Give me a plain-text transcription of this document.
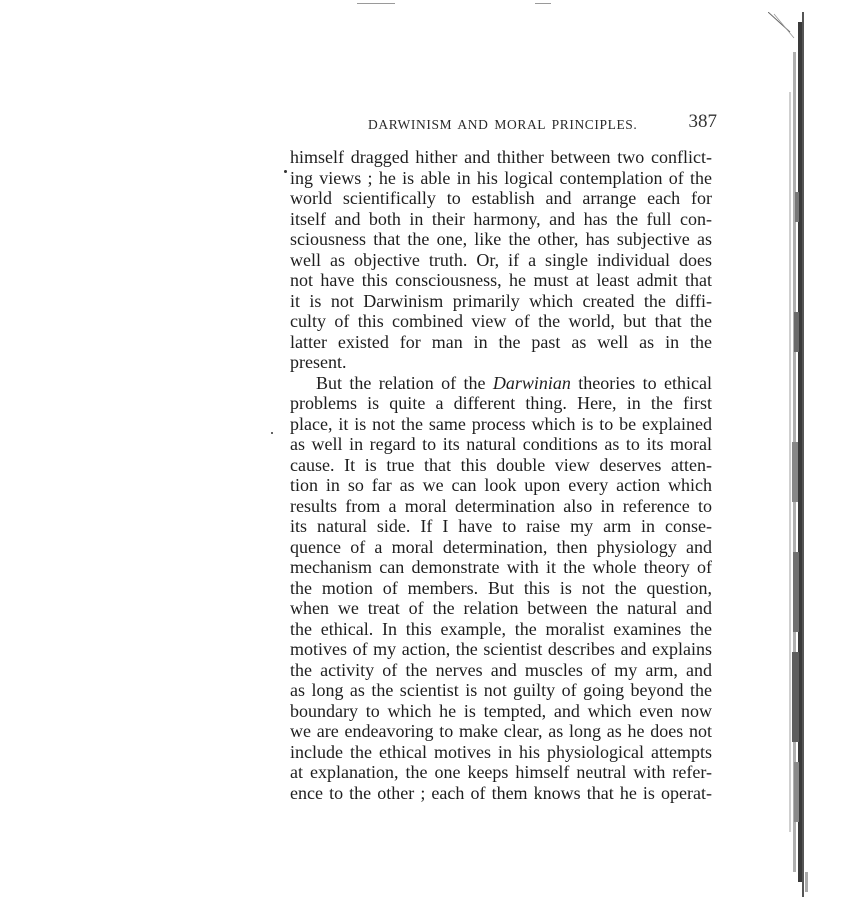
DARWINISM AND MORAL PRINCIPLES.	387
himself dragged hither and thither between two conflict-
ing views ; he is able in his logical contemplation of the
world scientifically to establish and arrange each for
itself and both in their harmony, and has the full con-
sciousness that the one, like the other, has subjective as
well as objective truth. Or, if a single individual does
not have this consciousness, he must at least admit that
it is not Darwinism primarily which created the diffi-
culty of this combined view of the world, but that the
latter existed for man in the past as well as in the
present.
But the relation of the Darwinian theories to ethical
problems is quite a different thing. Here, in the first
place, it is not the same process which is to be explained
as well in regard to its natural conditions as to its moral
cause. It is true that this double view deserves atten-
tion in so far as we can look upon every action which
results from a moral determination also in reference to
its natural side. If I have to raise my arm in conse-
quence of a moral determination, then physiology and
mechanism can demonstrate with it the whole theory of
the motion of members. But this is not the question,
when we treat of the relation between the natural and
the ethical. In this example, the moralist examines the
motives of my action, the scientist describes and explains
the activity of the nerves and muscles of my arm, and
as long as the scientist is not guilty of going beyond the
boundary to which he is tempted, and which even now
we are endeavoring to make clear, as long as he does not
include the ethical motives in his physiological attempts
at explanation, the one keeps himself neutral with refer-
ence to the other ; each of them knows that he is operat-
